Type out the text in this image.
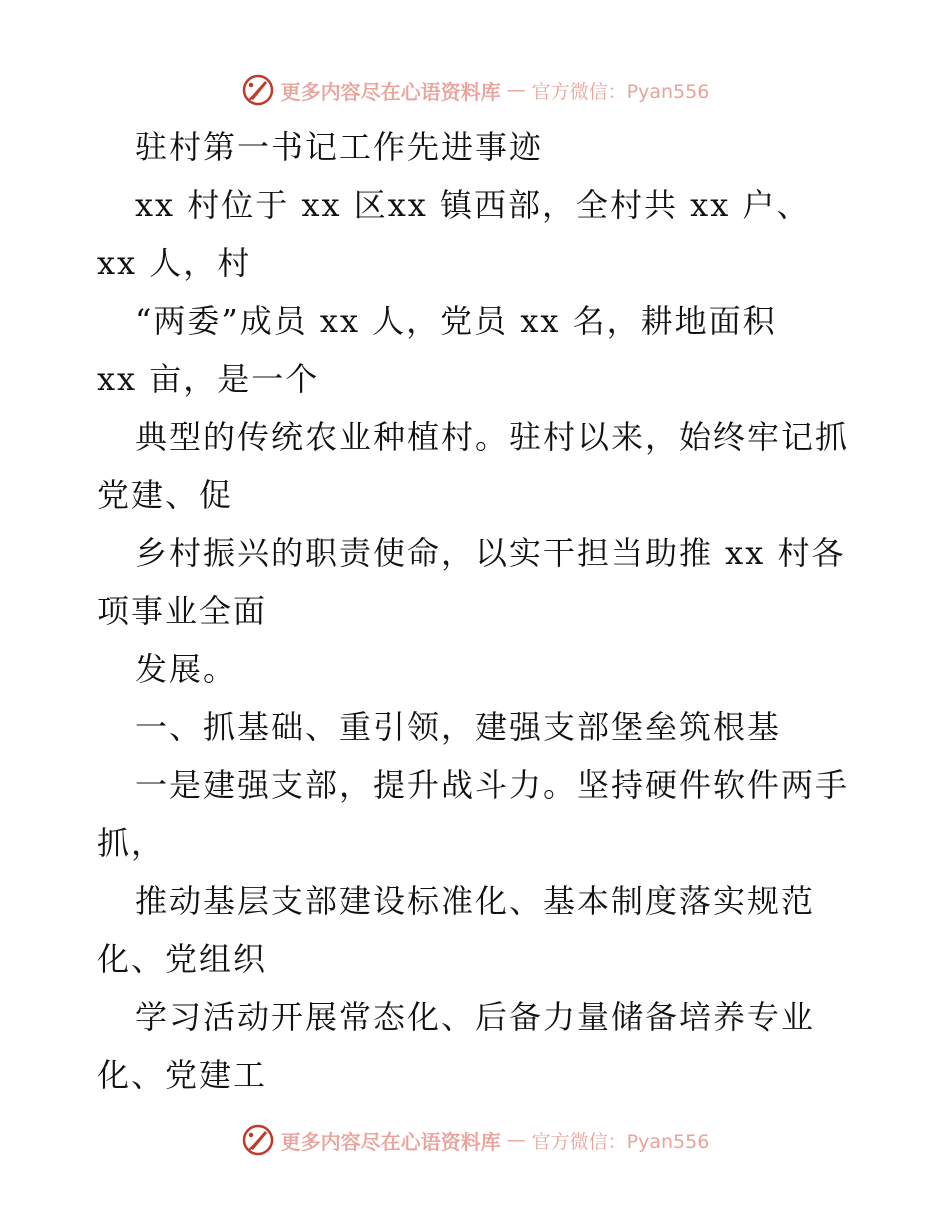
更多内容尽在心语资料库 — 官方微信：Pyan556
驻村第一书记工作先进事迹
xx 村位于 xx 区xx 镇西部，全村共 xx 户、
xx 人，村
“两委”成员 xx 人，党员 xx 名，耕地面积
xx 亩，是一个
典型的传统农业种植村。驻村以来，始终牢记抓
党建、促
乡村振兴的职责使命，以实干担当助推 xx 村各
项事业全面
发展。
一、抓基础、重引领，建强支部堡垒筑根基
一是建强支部，提升战斗力。坚持硬件软件两手
抓，
推动基层支部建设标准化、基本制度落实规范
化、党组织
学习活动开展常态化、后备力量储备培养专业
化、党建工
更多内容尽在心语资料库 — 官方微信：Pyan556
